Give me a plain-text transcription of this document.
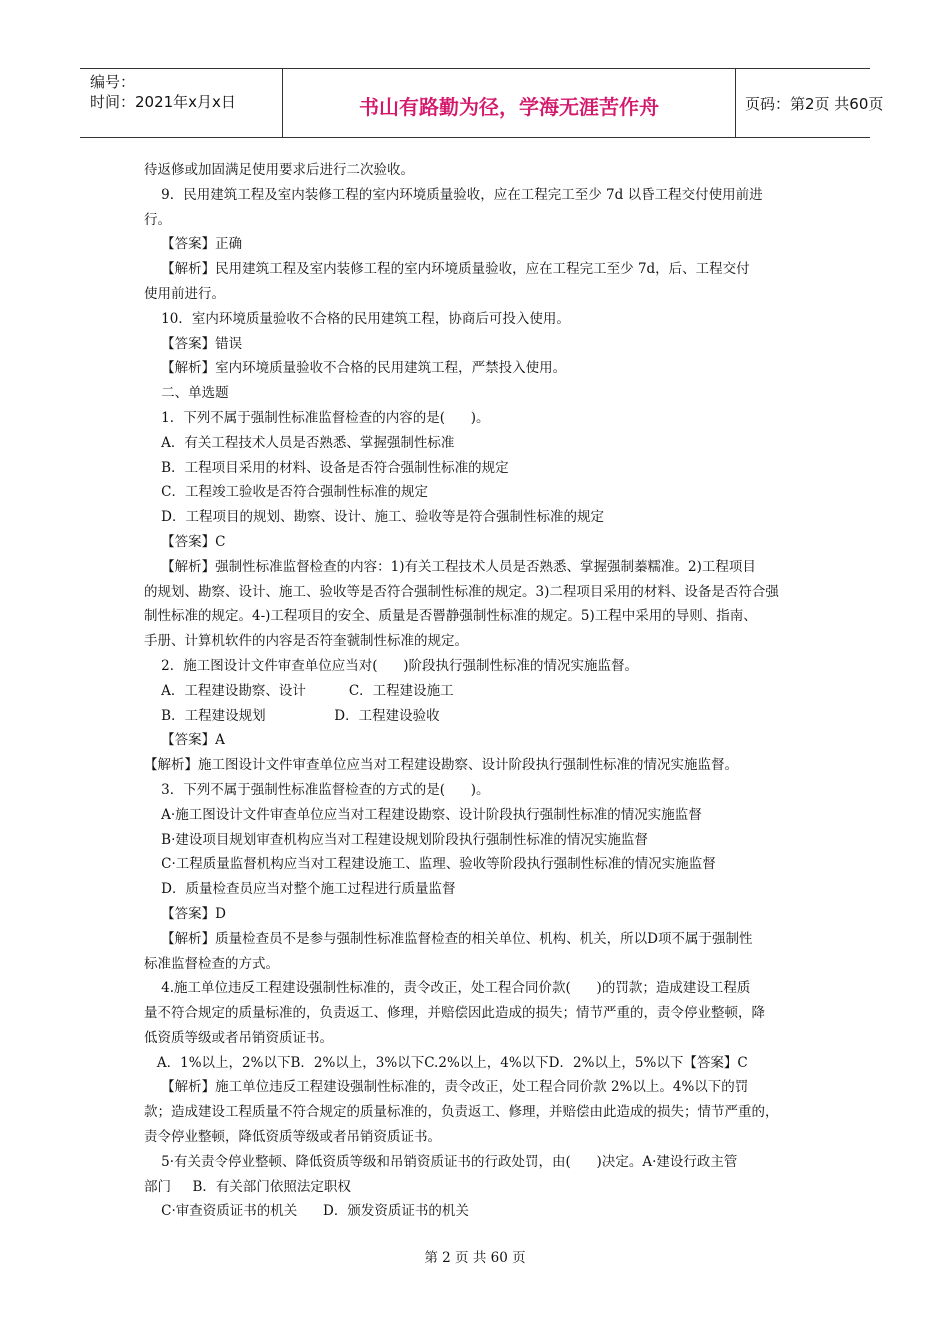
编号：
时间：2021年x月x日	书山有路勤为径，学海无涯苦作舟	页码：第2页 共60页

待返修或加固满足使用要求后进行二次验收。

9．民用建筑工程及室内装修工程的室内环境质量验收，应在工程完工至少 7d 以昏工程交付使用前进

行。

【答案】正确

【解析】民用建筑工程及室内装修工程的室内环境质量验收，应在工程完工至少 7d，后、工程交付

使用前进行。

10．室内环境质量验收不合格的民用建筑工程，协商后可投入使用。

【答案】错误

【解析】室内环境质量验收不合格的民用建筑工程，严禁投入使用。

二、单选题

1．下列不属于强制性标准监督检查的内容的是(      )。

A．有关工程技术人员是否熟悉、掌握强制性标准

B．工程项目采用的材料、设备是否符合强制性标准的规定

C．工程竣工验收是否符合强制性标准的规定

D．工程项目的规划、勘察、设计、施工、验收等是符合强制性标准的规定

【答案】C

【解析】强制性标准监督检查的内容：1)有关工程技术人员是否熟悉、掌握强制蓁糯准。2)工程项目

的规划、勘察、设计、施工、验收等是否符合强制性标准的规定。3)二程项目采用的材料、设备是否符合强

制性标准的规定。4-)工程项目的安全、质量是否罾静强制性标准的规定。5)工程中采用的导则、指南、

手册、计算机软件的内容是否符奎虢制性标准的规定。

2．施工图设计文件审查单位应当对(      )阶段执行强制性标准的情况实施监督。

A．工程建设勘察、设计          C．工程建设施工

B．工程建设规划                D．工程建设验收

【答案】A

【解析】施工图设计文件审查单位应当对工程建设勘察、设计阶段执行强制性标准的情况实施监督。

3．下列不属于强制性标准监督检查的方式的是(      )。

A·施工图设计文件审查单位应当对工程建设勘察、设计阶段执行强制性标准的情况实施监督

B·建设项目规划审查机构应当对工程建设规划阶段执行强制性标准的情况实施监督

C·工程质量监督机构应当对工程建设施工、监理、验收等阶段执行强制性标准的情况实施监督

D．质量检查员应当对整个施工过程进行质量监督

【答案】D

【解析】质量检查员不是参与强制性标准监督检查的相关单位、机构、机关，所以D项不属于强制性

标准监督检查的方式。

4.施工单位违反工程建设强制性标准的，责令改正，处工程合同价款(      )的罚款；造成建设工程质

量不符合规定的质量标准的，负责返工、修理，并赔偿因此造成的损失；情节严重的，责令停业整顿，降

低资质等级或者吊销资质证书。

A．1%以上，2%以下B．2%以上，3%以下C.2%以上，4%以下D．2%以上，5%以下【答案】C

【解析】施工单位违反工程建设强制性标准的，责令改正，处工程合同价款 2%以上。4%以下的罚

款；造成建设工程质量不符合规定的质量标准的，负责返工、修理，并赔偿由此造成的损失；情节严重的，

责令停业整顿，降低资质等级或者吊销资质证书。

5·有关责令停业整顿、降低资质等级和吊销资质证书的行政处罚，由(      )决定。A·建设行政主管

部门     B．有关部门依照法定职权

C·审查资质证书的机关      D．颁发资质证书的机关

第 2 页 共 60 页
